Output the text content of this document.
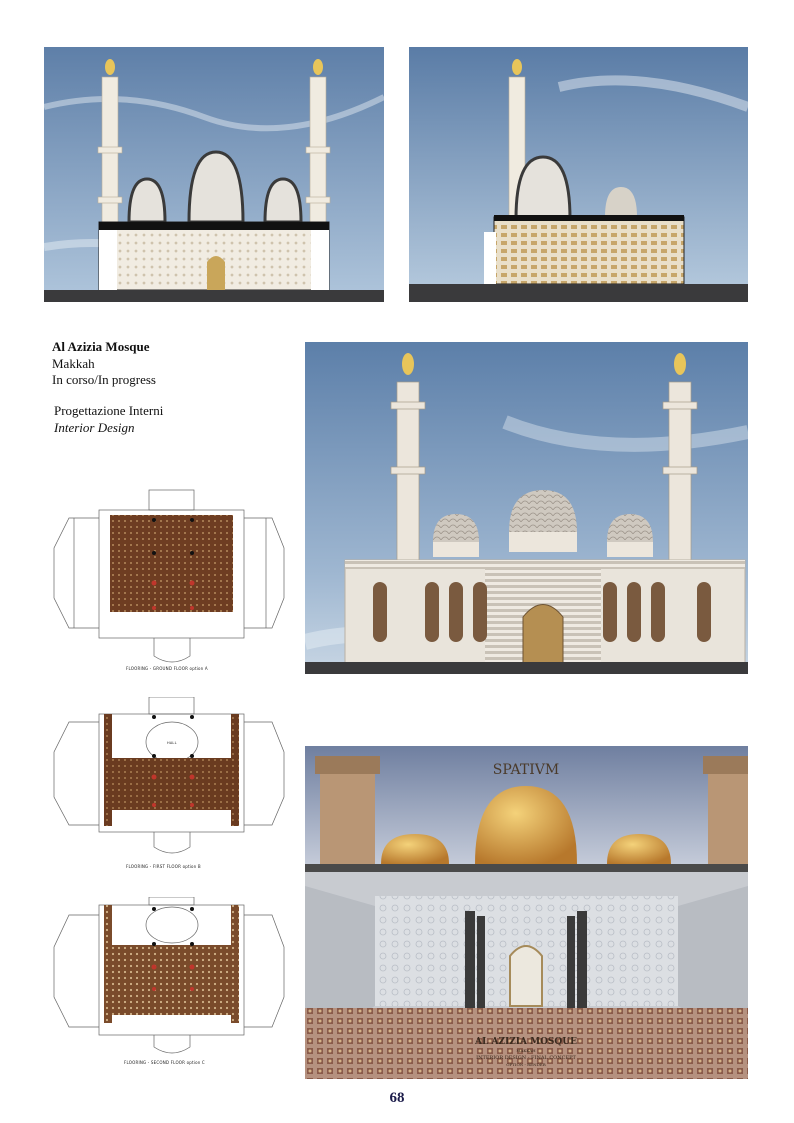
Al Azizia Mosque
Makkah
In corso/In progress
Progettazione Interni
Interior Design
FLOORING - GROUND FLOOR option A
HALL
FLOORING - FIRST FLOOR option B
FLOORING - SECOND FLOOR option C
SPATIVM
AL AZIZIA MOSQUE
MAKKAH
INTERIOR DESIGN - FINAL CONCEPT
OPTION - RENDER
68
